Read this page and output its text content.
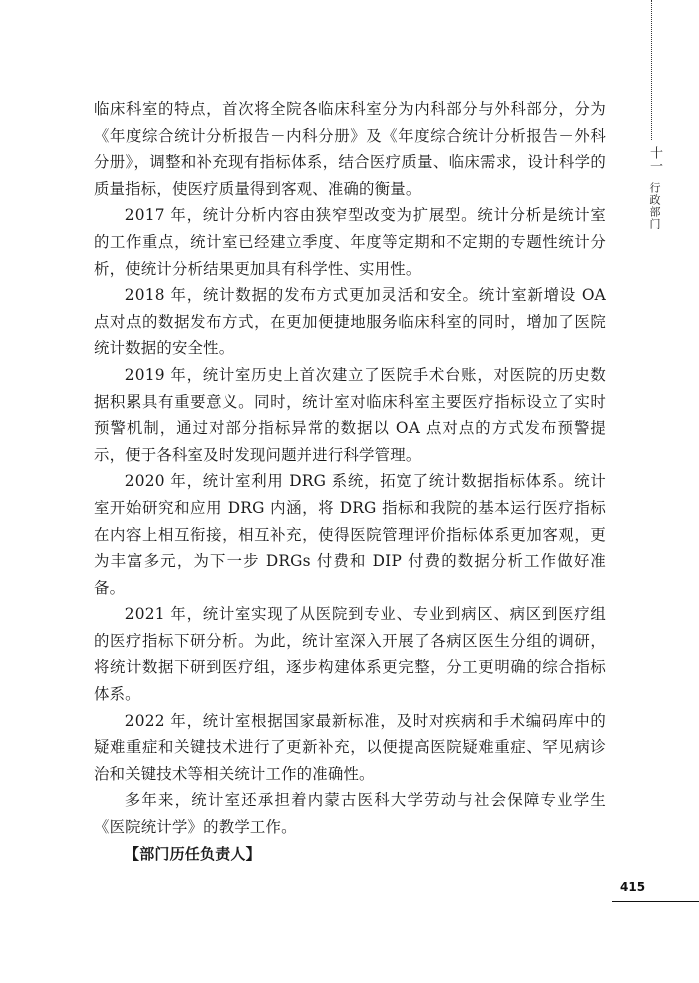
十一
行政部门

临床科室的特点，首次将全院各临床科室分为内科部分与外科部分，分为《年度综合统计分析报告－内科分册》及《年度综合统计分析报告－外科分册》，调整和补充现有指标体系，结合医疗质量、临床需求，设计科学的质量指标，使医疗质量得到客观、准确的衡量。

2017 年，统计分析内容由狭窄型改变为扩展型。统计分析是统计室的工作重点，统计室已经建立季度、年度等定期和不定期的专题性统计分析，使统计分析结果更加具有科学性、实用性。

2018 年，统计数据的发布方式更加灵活和安全。统计室新增设 OA 点对点的数据发布方式，在更加便捷地服务临床科室的同时，增加了医院统计数据的安全性。

2019 年，统计室历史上首次建立了医院手术台账，对医院的历史数据积累具有重要意义。同时，统计室对临床科室主要医疗指标设立了实时预警机制，通过对部分指标异常的数据以 OA 点对点的方式发布预警提示，便于各科室及时发现问题并进行科学管理。

2020 年，统计室利用 DRG 系统，拓宽了统计数据指标体系。统计室开始研究和应用 DRG 内涵，将 DRG 指标和我院的基本运行医疗指标在内容上相互衔接，相互补充，使得医院管理评价指标体系更加客观，更为丰富多元，为下一步 DRGs 付费和 DIP 付费的数据分析工作做好准备。

2021 年，统计室实现了从医院到专业、专业到病区、病区到医疗组的医疗指标下研分析。为此，统计室深入开展了各病区医生分组的调研，将统计数据下研到医疗组，逐步构建体系更完整，分工更明确的综合指标体系。

2022 年，统计室根据国家最新标准，及时对疾病和手术编码库中的疑难重症和关键技术进行了更新补充，以便提高医院疑难重症、罕见病诊治和关键技术等相关统计工作的准确性。

多年来，统计室还承担着内蒙古医科大学劳动与社会保障专业学生《医院统计学》的教学工作。

【部门历任负责人】

415
